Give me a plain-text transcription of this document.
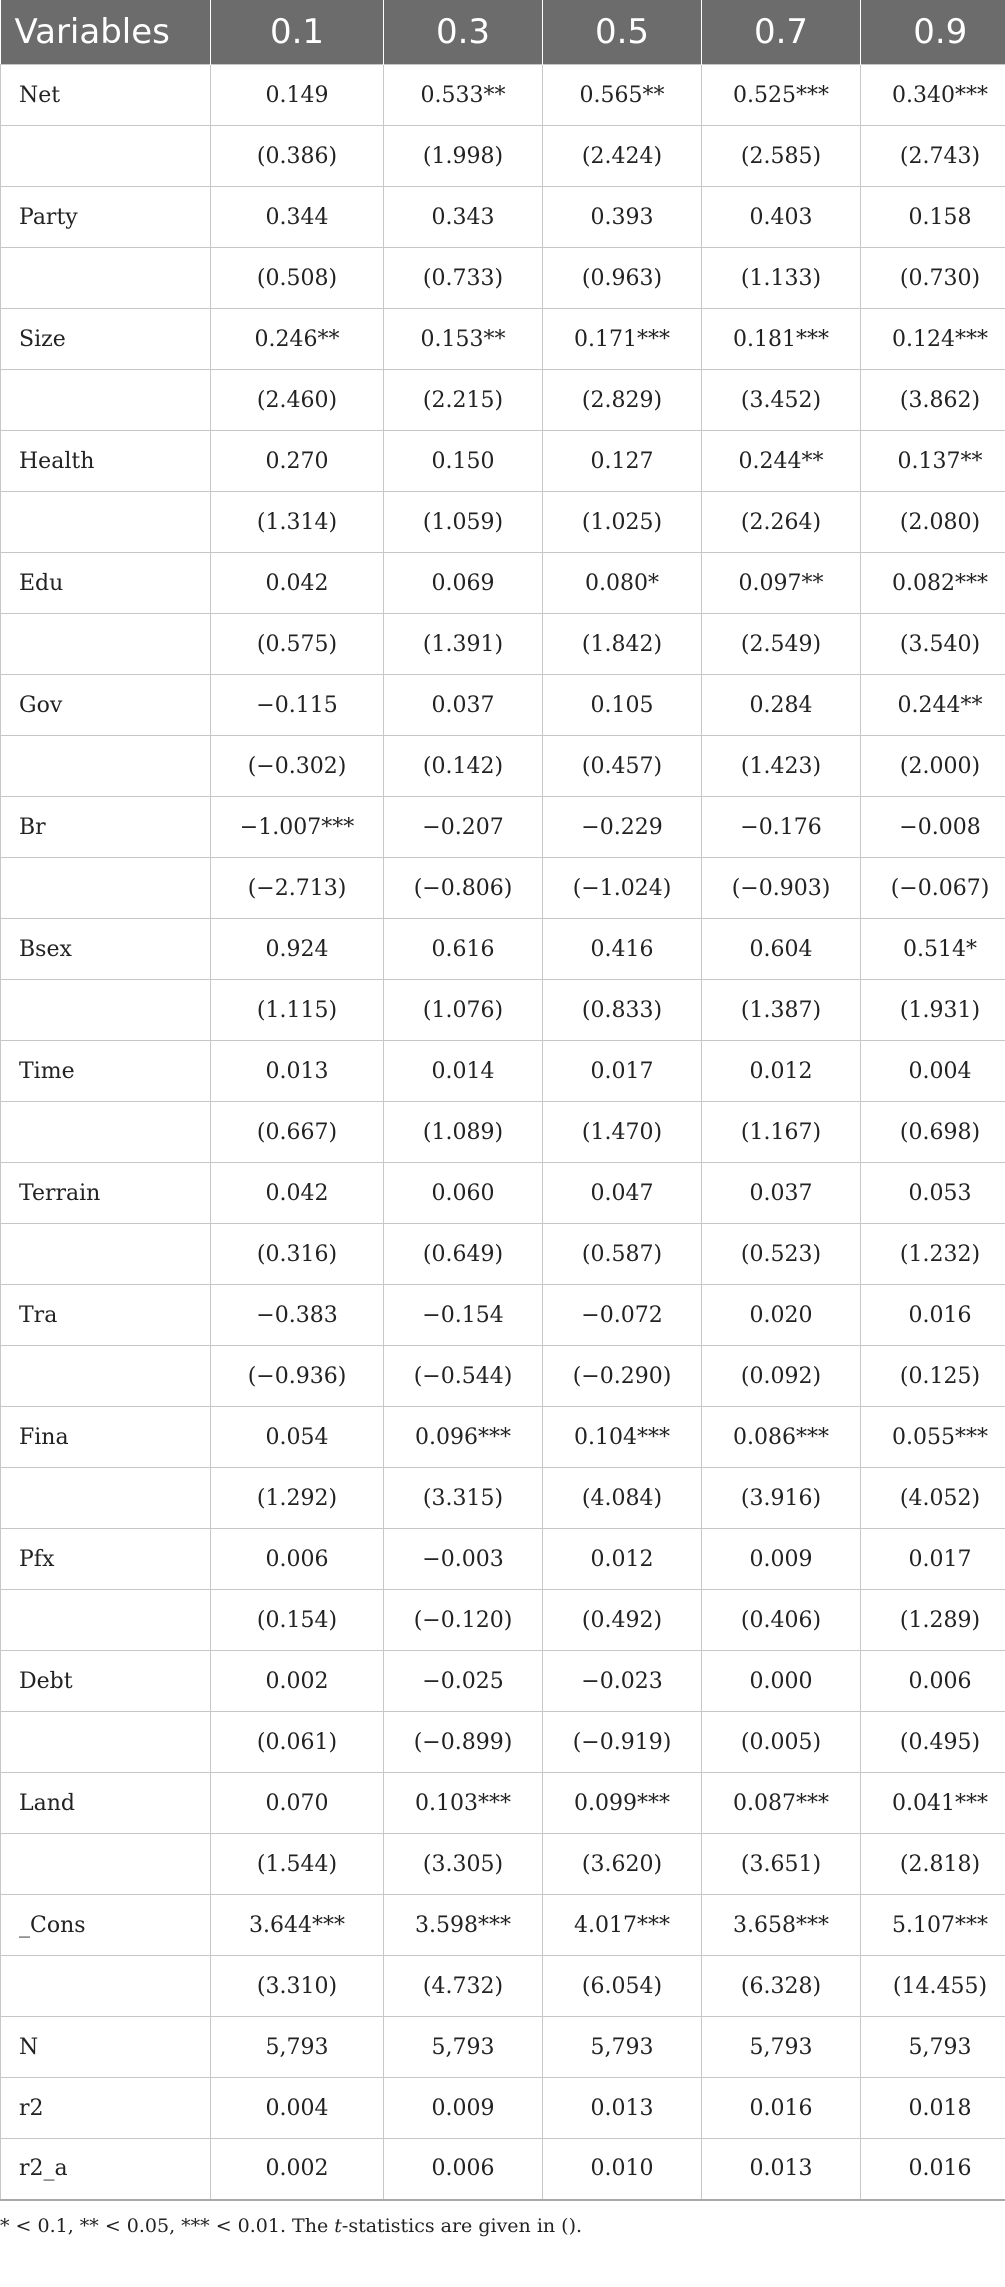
Variables	0.1	0.3	0.5	0.7	0.9
Net	0.149	0.533**	0.565**	0.525***	0.340***
	(0.386)	(1.998)	(2.424)	(2.585)	(2.743)
Party	0.344	0.343	0.393	0.403	0.158
	(0.508)	(0.733)	(0.963)	(1.133)	(0.730)
Size	0.246**	0.153**	0.171***	0.181***	0.124***
	(2.460)	(2.215)	(2.829)	(3.452)	(3.862)
Health	0.270	0.150	0.127	0.244**	0.137**
	(1.314)	(1.059)	(1.025)	(2.264)	(2.080)
Edu	0.042	0.069	0.080*	0.097**	0.082***
	(0.575)	(1.391)	(1.842)	(2.549)	(3.540)
Gov	−0.115	0.037	0.105	0.284	0.244**
	(−0.302)	(0.142)	(0.457)	(1.423)	(2.000)
Br	−1.007***	−0.207	−0.229	−0.176	−0.008
	(−2.713)	(−0.806)	(−1.024)	(−0.903)	(−0.067)
Bsex	0.924	0.616	0.416	0.604	0.514*
	(1.115)	(1.076)	(0.833)	(1.387)	(1.931)
Time	0.013	0.014	0.017	0.012	0.004
	(0.667)	(1.089)	(1.470)	(1.167)	(0.698)
Terrain	0.042	0.060	0.047	0.037	0.053
	(0.316)	(0.649)	(0.587)	(0.523)	(1.232)
Tra	−0.383	−0.154	−0.072	0.020	0.016
	(−0.936)	(−0.544)	(−0.290)	(0.092)	(0.125)
Fina	0.054	0.096***	0.104***	0.086***	0.055***
	(1.292)	(3.315)	(4.084)	(3.916)	(4.052)
Pfx	0.006	−0.003	0.012	0.009	0.017
	(0.154)	(−0.120)	(0.492)	(0.406)	(1.289)
Debt	0.002	−0.025	−0.023	0.000	0.006
	(0.061)	(−0.899)	(−0.919)	(0.005)	(0.495)
Land	0.070	0.103***	0.099***	0.087***	0.041***
	(1.544)	(3.305)	(3.620)	(3.651)	(2.818)
_Cons	3.644***	3.598***	4.017***	3.658***	5.107***
	(3.310)	(4.732)	(6.054)	(6.328)	(14.455)
N	5,793	5,793	5,793	5,793	5,793
r2	0.004	0.009	0.013	0.016	0.018
r2_a	0.002	0.006	0.010	0.013	0.016
* < 0.1, ** < 0.05, *** < 0.01. The t-statistics are given in ().
